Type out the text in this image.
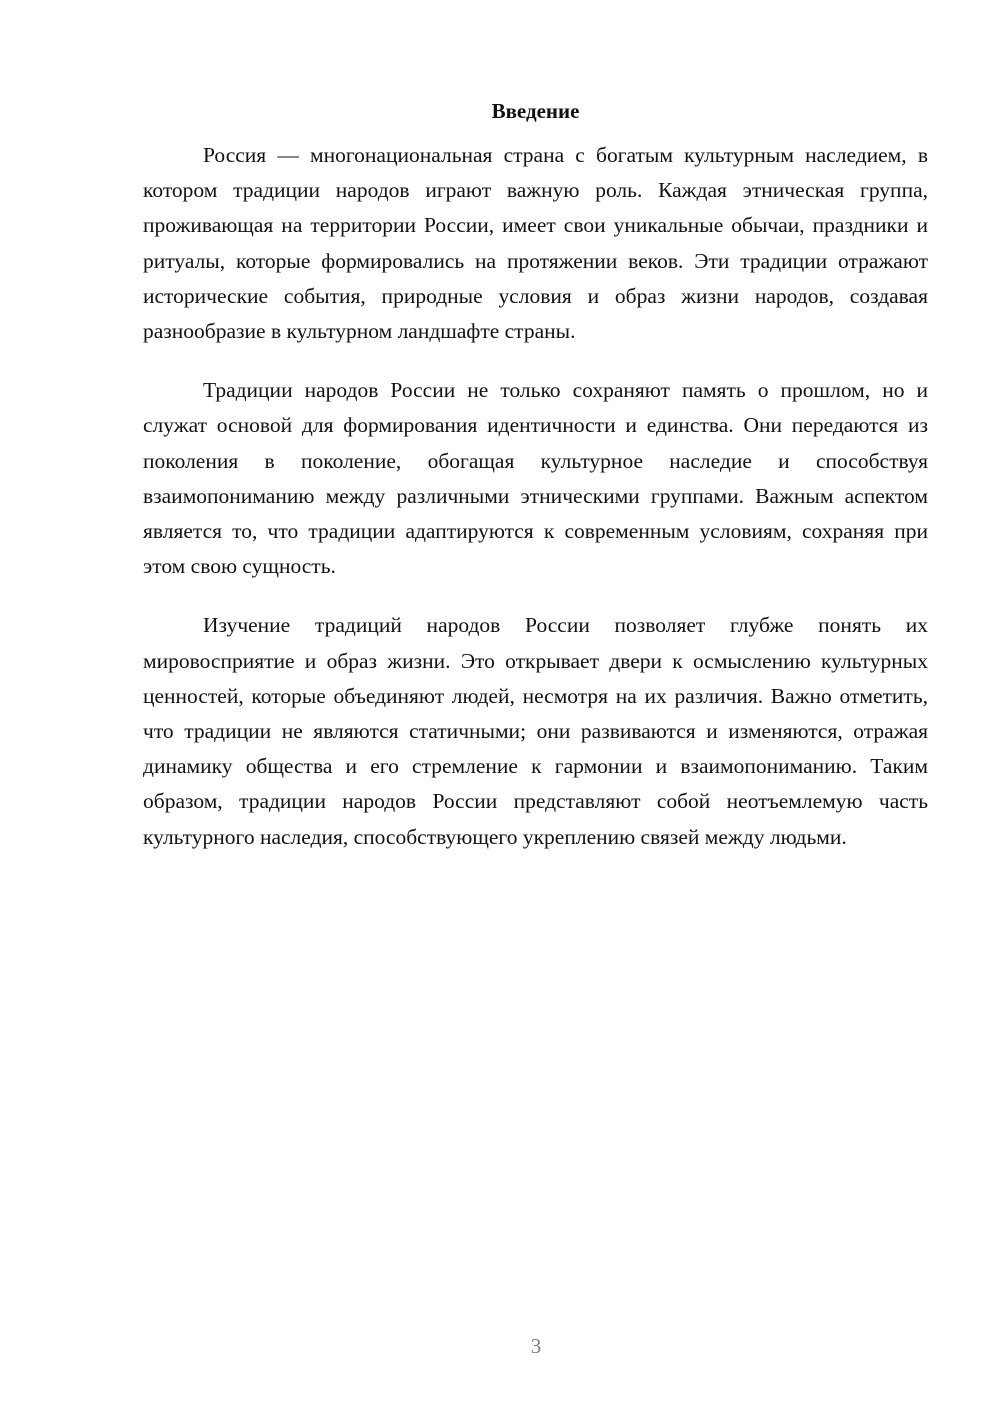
Введение

Россия — многонациональная страна с богатым культурным наследием, в котором традиции народов играют важную роль. Каждая этническая группа, проживающая на территории России, имеет свои уникальные обычаи, праздники и ритуалы, которые формировались на протяжении веков. Эти традиции отражают исторические события, природные условия и образ жизни народов, создавая разнообразие в культурном ландшафте страны.

Традиции народов России не только сохраняют память о прошлом, но и служат основой для формирования идентичности и единства. Они передаются из поколения в поколение, обогащая культурное наследие и способствуя взаимопониманию между различными этническими группами. Важным аспектом является то, что традиции адаптируются к современным условиям, сохраняя при этом свою сущность.

Изучение традиций народов России позволяет глубже понять их мировосприятие и образ жизни. Это открывает двери к осмыслению культурных ценностей, которые объединяют людей, несмотря на их различия. Важно отметить, что традиции не являются статичными; они развиваются и изменяются, отражая динамику общества и его стремление к гармонии и взаимопониманию. Таким образом, традиции народов России представляют собой неотъемлемую часть культурного наследия, способствующего укреплению связей между людьми.

3
